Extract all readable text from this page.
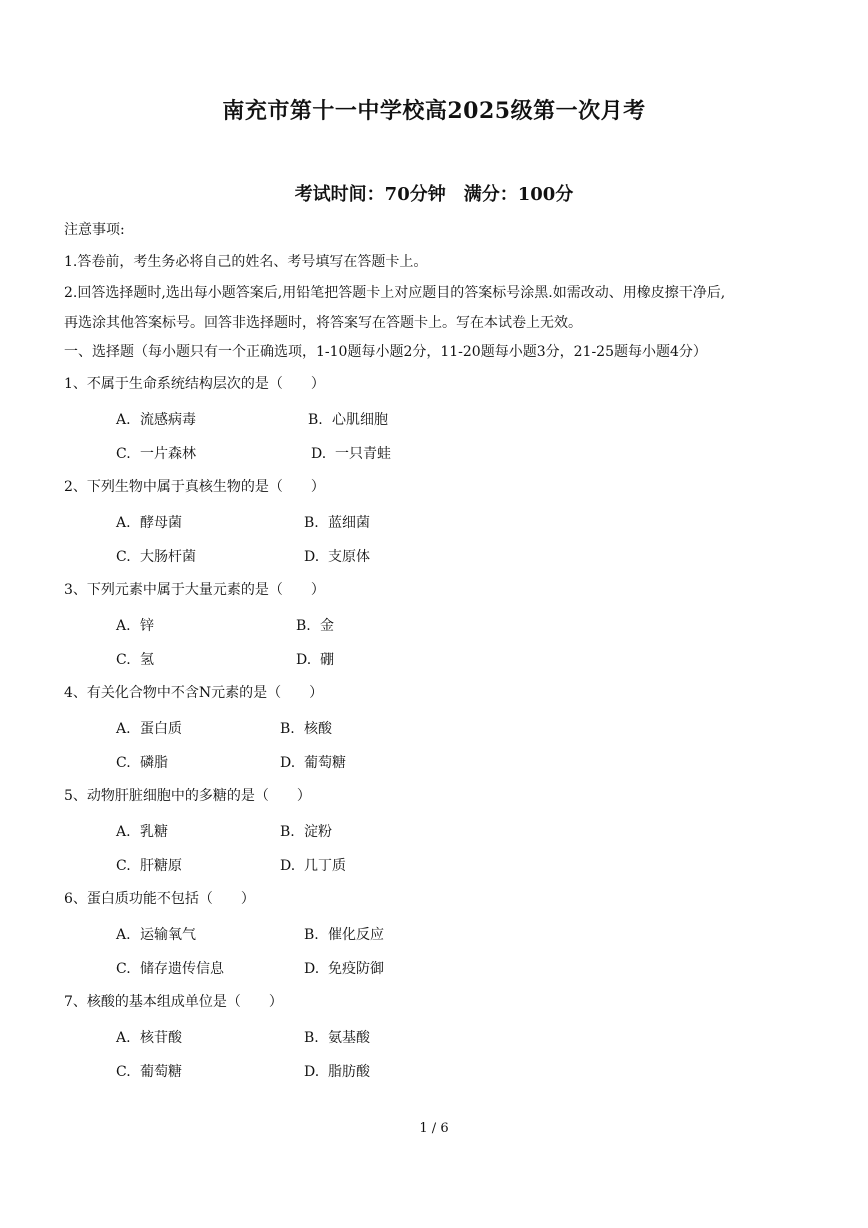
南充市第十一中学校高2025级第一次月考
考试时间：70分钟　满分：100分
注意事项:
1.答卷前，考生务必将自己的姓名、考号填写在答题卡上。
2.回答选择题时,选出每小题答案后,用铅笔把答题卡上对应题目的答案标号涂黑.如需改动、用橡皮擦干净后,
再选涂其他答案标号。回答非选择题时，将答案写在答题卡上。写在本试卷上无效。
一、选择题（每小题只有一个正确选项，1-10题每小题2分，11-20题每小题3分，21-25题每小题4分）
1、不属于生命系统结构层次的是（　　）
A. 流感病毒	B. 心肌细胞
C. 一片森林	D. 一只青蛙
2、下列生物中属于真核生物的是（　　）
A. 酵母菌	B. 蓝细菌
C. 大肠杆菌	D. 支原体
3、下列元素中属于大量元素的是（　　）
A. 锌	B. 金
C. 氢	D. 硼
4、有关化合物中不含N元素的是（　　）
A. 蛋白质	B. 核酸
C. 磷脂	D. 葡萄糖
5、动物肝脏细胞中的多糖的是（　　）
A. 乳糖	B. 淀粉
C. 肝糖原	D. 几丁质
6、蛋白质功能不包括（　　）
A. 运输氧气	B. 催化反应
C. 储存遗传信息	D. 免疫防御
7、核酸的基本组成单位是（　　）
A. 核苷酸	B. 氨基酸
C. 葡萄糖	D. 脂肪酸
1 / 6
